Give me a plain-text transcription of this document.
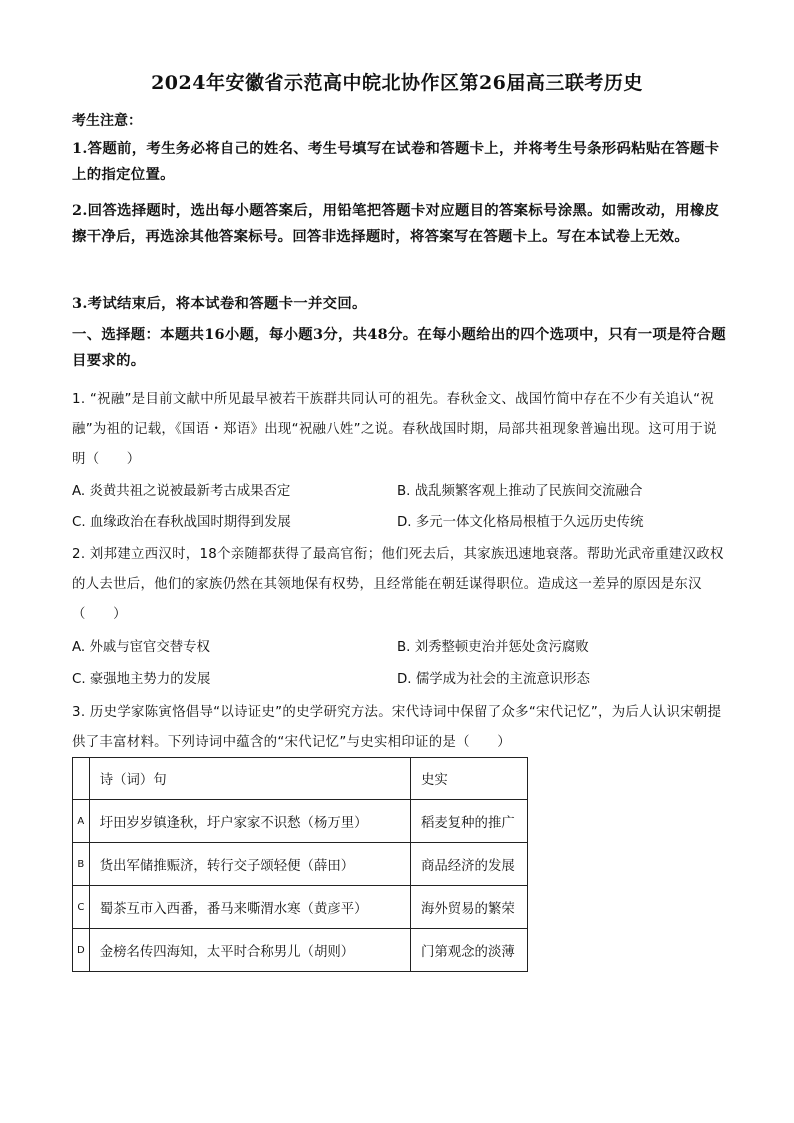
2024年安徽省示范高中皖北协作区第26届高三联考历史
考生注意：
1.答题前，考生务必将自己的姓名、考生号填写在试卷和答题卡上，并将考生号条形码粘贴在答题卡上的指定位置。
2.回答选择题时，选出每小题答案后，用铅笔把答题卡对应题目的答案标号涂黑。如需改动，用橡皮擦干净后，再选涂其他答案标号。回答非选择题时，将答案写在答题卡上。写在本试卷上无效。
3.考试结束后，将本试卷和答题卡一并交回。
一、选择题：本题共16小题，每小题3分，共48分。在每小题给出的四个选项中，只有一项是符合题目要求的。
1. “祝融”是目前文献中所见最早被若干族群共同认可的祖先。春秋金文、战国竹简中存在不少有关追认“祝融”为祖的记载，《国语・郑语》出现“祝融八姓”之说。春秋战国时期，局部共祖现象普遍出现。这可用于说明（　　）
A. 炎黄共祖之说被最新考古成果否定	B. 战乱频繁客观上推动了民族间交流融合
C. 血缘政治在春秋战国时期得到发展	D. 多元一体文化格局根植于久远历史传统
2. 刘邦建立西汉时，18个亲随都获得了最高官衔；他们死去后，其家族迅速地衰落。帮助光武帝重建汉政权的人去世后，他们的家族仍然在其领地保有权势，且经常能在朝廷谋得职位。造成这一差异的原因是东汉（　　）
A. 外戚与宦官交替专权	B. 刘秀整顿吏治并惩处贪污腐败
C. 豪强地主势力的发展	D. 儒学成为社会的主流意识形态
3. 历史学家陈寅恪倡导“以诗证史”的史学研究方法。宋代诗词中保留了众多“宋代记忆”，为后人认识宋朝提供了丰富材料。下列诗词中蕴含的“宋代记忆”与史实相印证的是（　　）
	诗（词）句	史实
A	圩田岁岁镇逢秋，圩户家家不识愁（杨万里）	稻麦复种的推广
B	货出军储推赈济，转行交子颂轻便（薛田）	商品经济的发展
C	蜀茶互市入西番，番马来嘶渭水寒（黄彦平）	海外贸易的繁荣
D	金榜名传四海知，太平时合称男儿（胡则）	门第观念的淡薄
